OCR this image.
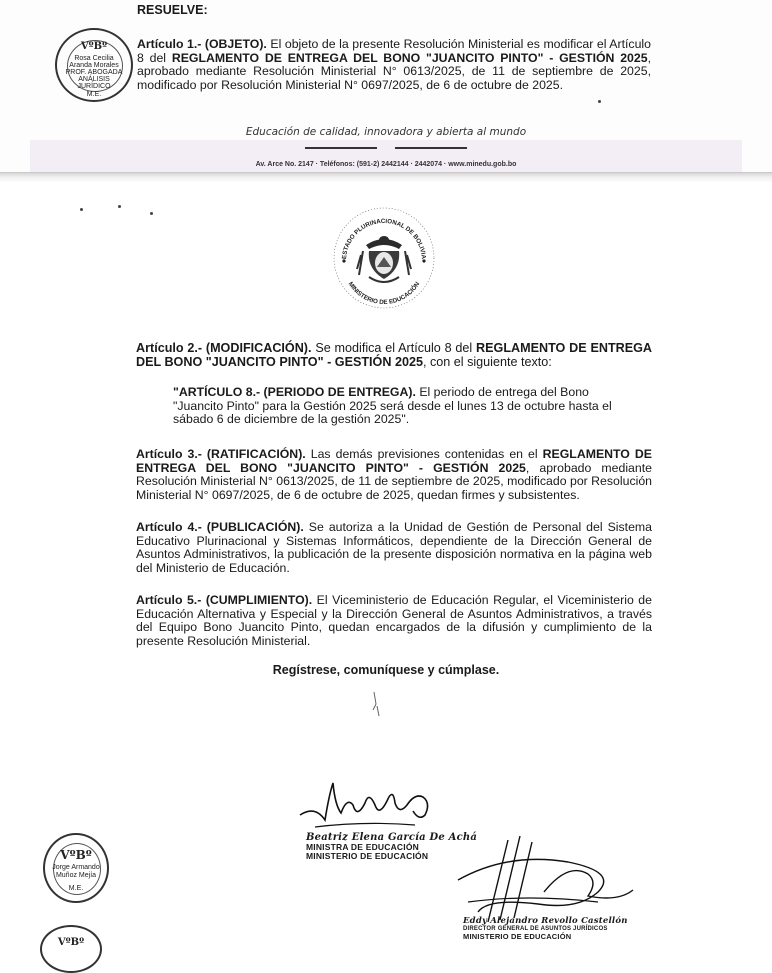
RESUELVE:
VºBº
Rosa Cecilia
Aranda Morales
PROF. ABOGADA
ANÁLISIS
JURÍDICO
M.E.

Artículo 1.- (OBJETO). El objeto de la presente Resolución Ministerial es modificar el Artículo 8 del REGLAMENTO DE ENTREGA DEL BONO "JUANCITO PINTO" - GESTIÓN 2025, aprobado mediante Resolución Ministerial N° 0613/2025, de 11 de septiembre de 2025, modificado por Resolución Ministerial N° 0697/2025, de 6 de octubre de 2025.

Educación de calidad, innovadora y abierta al mundo
Av. Arce No. 2147 · Teléfonos: (591-2) 2442144 · 2442074 · www.minedu.gob.bo
ESTADO PLURINACIONAL DE BOLIVIA
MINISTERIO DE EDUCACIÓN

Artículo 2.- (MODIFICACIÓN). Se modifica el Artículo 8 del REGLAMENTO DE ENTREGA DEL BONO "JUANCITO PINTO" - GESTIÓN 2025, con el siguiente texto:

"ARTÍCULO 8.- (PERIODO DE ENTREGA). El periodo de entrega del Bono "Juancito Pinto" para la Gestión 2025 será desde el lunes 13 de octubre hasta el sábado 6 de diciembre de la gestión 2025".

Artículo 3.- (RATIFICACIÓN). Las demás previsiones contenidas en el REGLAMENTO DE ENTREGA DEL BONO "JUANCITO PINTO" - GESTIÓN 2025, aprobado mediante Resolución Ministerial N° 0613/2025, de 11 de septiembre de 2025, modificado por Resolución Ministerial N° 0697/2025, de 6 de octubre de 2025, quedan firmes y subsistentes.

Artículo 4.- (PUBLICACIÓN). Se autoriza a la Unidad de Gestión de Personal del Sistema Educativo Plurinacional y Sistemas Informáticos, dependiente de la Dirección General de Asuntos Administrativos, la publicación de la presente disposición normativa en la página web del Ministerio de Educación.

Artículo 5.- (CUMPLIMIENTO). El Viceministerio de Educación Regular, el Viceministerio de Educación Alternativa y Especial y la Dirección General de Asuntos Administrativos, a través del Equipo Bono Juancito Pinto, quedan encargados de la difusión y cumplimiento de la presente Resolución Ministerial.

Regístrese, comuníquese y cúmplase.
Beatriz Elena García De Achá
MINISTRA DE EDUCACIÓN
MINISTERIO DE EDUCACIÓN
Eddy Alejandro Revollo Castellón
DIRECTOR GENERAL DE ASUNTOS JURÍDICOS
MINISTERIO DE EDUCACIÓN
VºBº
Jorge Armando
Muñoz Mejía
M.E.
VºBº
